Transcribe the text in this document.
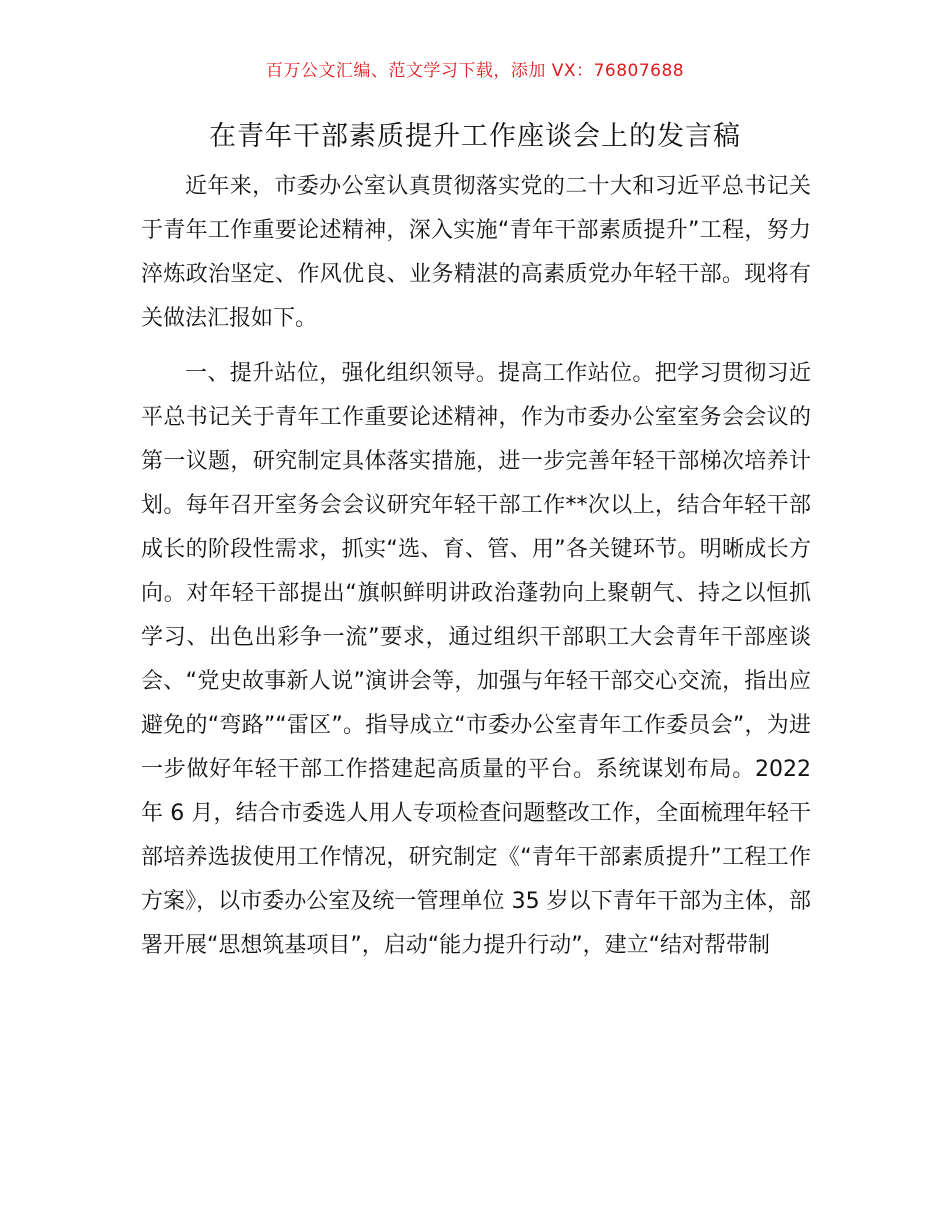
百万公文汇编、范文学习下载，添加 VX：76807688
在青年干部素质提升工作座谈会上的发言稿

近年来，市委办公室认真贯彻落实党的二十大和习近平总书记关于青年工作重要论述精神，深入实施“青年干部素质提升”工程，努力淬炼政治坚定、作风优良、业务精湛的高素质党办年轻干部。现将有关做法汇报如下。

一、提升站位，强化组织领导。提高工作站位。把学习贯彻习近平总书记关于青年工作重要论述精神，作为市委办公室室务会会议的第一议题，研究制定具体落实措施，进一步完善年轻干部梯次培养计划。每年召开室务会会议研究年轻干部工作**次以上，结合年轻干部成长的阶段性需求，抓实“选、育、管、用”各关键环节。明晰成长方向。对年轻干部提出“旗帜鲜明讲政治蓬勃向上聚朝气、持之以恒抓学习、出色出彩争一流”要求，通过组织干部职工大会青年干部座谈会、“党史故事新人说”演讲会等，加强与年轻干部交心交流，指出应避免的“弯路”“雷区”。指导成立“市委办公室青年工作委员会”，为进一步做好年轻干部工作搭建起高质量的平台。系统谋划布局。2022 年 6 月，结合市委选人用人专项检查问题整改工作，全面梳理年轻干部培养选拔使用工作情况，研究制定《“青年干部素质提升”工程工作方案》，以市委办公室及统一管理单位 35 岁以下青年干部为主体，部署开展“思想筑基项目”，启动“能力提升行动”，建立“结对帮带制
